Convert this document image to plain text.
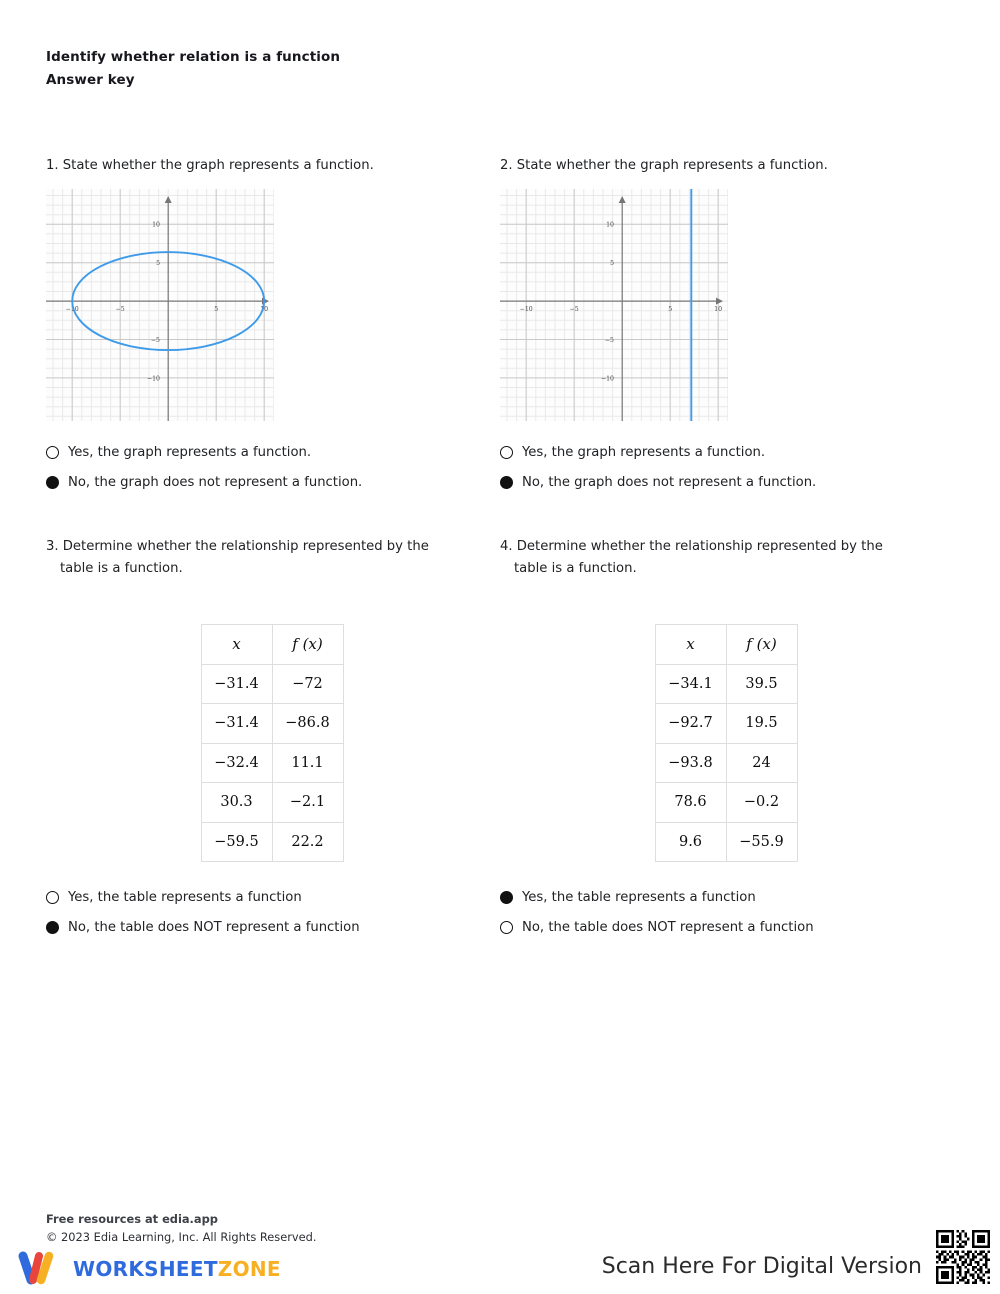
Identify whether relation is a function
Answer key
1. State whether the graph represents a function.
−10	−5	5	10
10
5
−5
−10
Yes, the graph represents a function.
No, the graph does not represent a function.
2. State whether the graph represents a function.
−10	−5	5	10
10
5
−5
−10
Yes, the graph represents a function.
No, the graph does not represent a function.

3. Determine whether the relationship represented by the

table is a function.

x	f (x)
−31.4	−72
−31.4	−86.8
−32.4	11.1
30.3	−2.1
−59.5	22.2
Yes, the table represents a function
No, the table does NOT represent a function

4. Determine whether the relationship represented by the

table is a function.

x	f (x)
−34.1	39.5
−92.7	19.5
−93.8	24
78.6	−0.2
9.6	−55.9
Yes, the table represents a function
No, the table does NOT represent a function
Free resources at edia.app
© 2023 Edia Learning, Inc. All Rights Reserved.
WORKSHEETZONE	Scan Here For Digital Version
